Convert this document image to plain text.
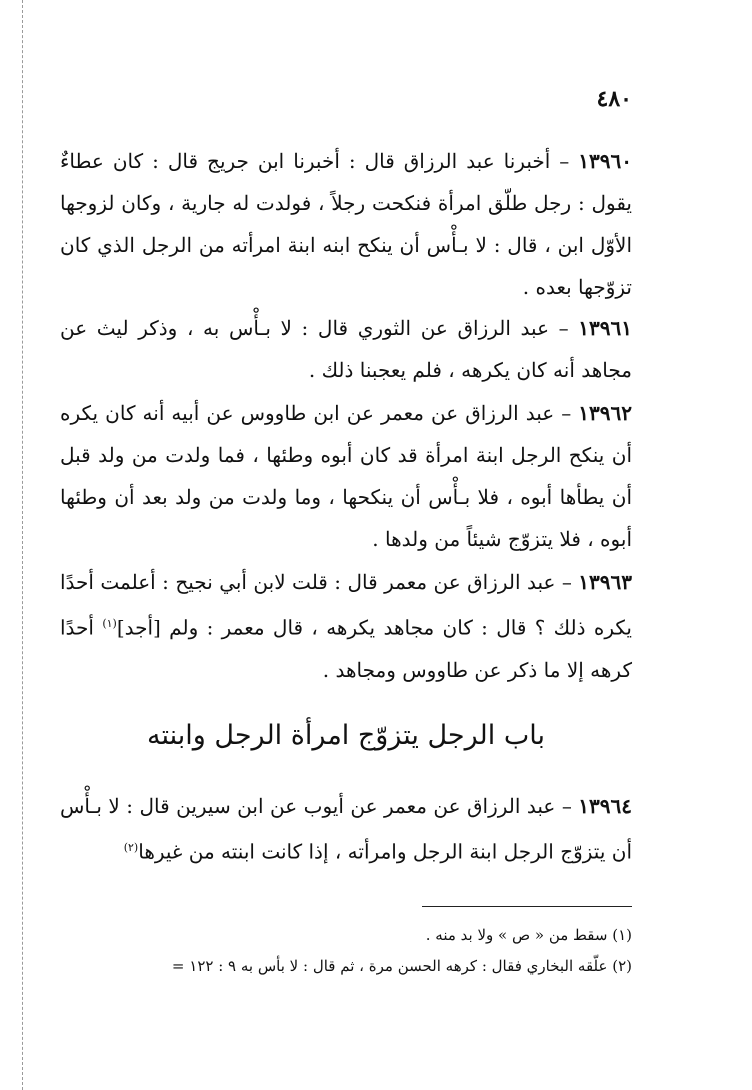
٤٨٠

١٣٩٦٠ – أخبرنا عبد الرزاق قال : أخبرنا ابن جريج قال : كان عطاءٌ يقول : رجل طلّق امرأة فنكحت رجلاً ، فولدت له جارية ، وكان لزوجها الأوّل ابن ، قال : لا بـأْس أن ينكح ابنه ابنة امرأته من الرجل الذي كان تزوّجها بعده .

١٣٩٦١ – عبد الرزاق عن الثوري قال : لا بـأْس به ، وذكر ليث عن مجاهد أنه كان يكرهه ، فلم يعجبنا ذلك .

١٣٩٦٢ – عبد الرزاق عن معمر عن ابن طاووس عن أبيه أنه كان يكره أن ينكح الرجل ابنة امرأة قد كان أبوه وطئها ، فما ولدت من ولد قبل أن يطأها أبوه ، فلا بـأْس أن ينكحها ، وما ولدت من ولد بعد أن وطئها أبوه ، فلا يتزوّج شيئاً من ولدها .

١٣٩٦٣ – عبد الرزاق عن معمر قال : قلت لابن أبي نجيح : أعلمت أحدًا يكره ذلك ؟ قال : كان مجاهد يكرهه ، قال معمر : ولم [أجد]$^{(١)}$ أحدًا كرهه إلا ما ذكر عن طاووس ومجاهد .

باب الرجل يتزوّج امرأة الرجل وابنته

١٣٩٦٤ – عبد الرزاق عن معمر عن أيوب عن ابن سيرين قال : لا بـأْس أن يتزوّج الرجل ابنة الرجل وامرأته ، إذا كانت ابنته من غيرها$^{(٢)}$

(١) سقط من « ص » ولا بد منه .

(٢) علّقه البخاري فقال : كرهه الحسن مرة ، ثم قال : لا بأس به ٩ : ١٢٢ =
